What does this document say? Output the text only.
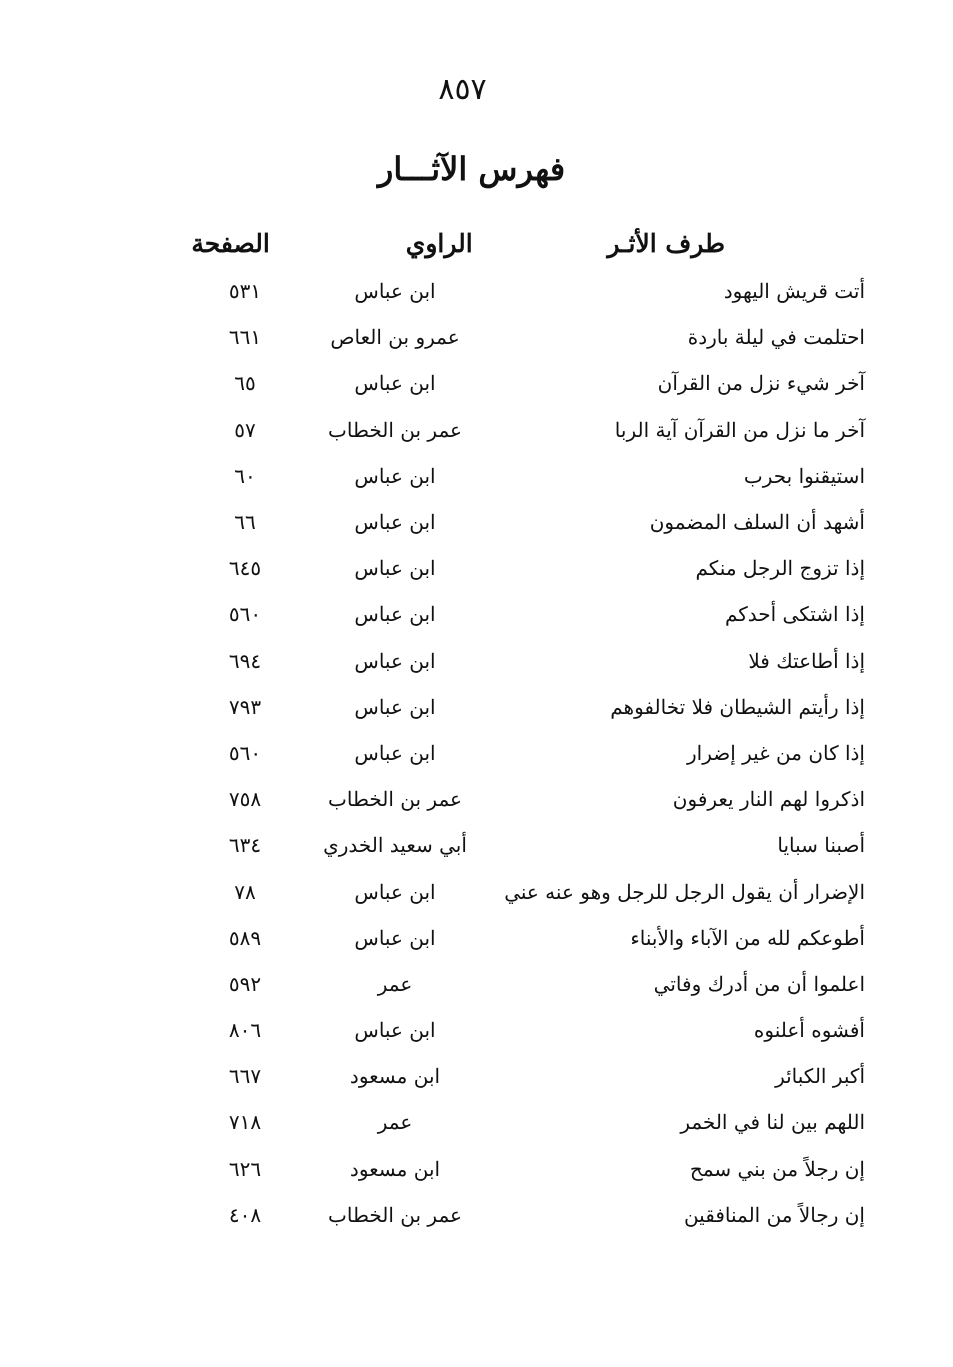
٨٥٧
فهرس الآثـــار
طرف الأثـر
الراوي
الصفحة
أتت قريش اليهود
ابن عباس
٥٣١
احتلمت في ليلة باردة
عمرو بن العاص
٦٦١
آخر شيء نزل من القرآن
ابن عباس
٦٥
آخر ما نزل من القرآن آية الربا
عمر بن الخطاب
٥٧
استيقنوا بحرب
ابن عباس
٦٠
أشهد أن السلف المضمون
ابن عباس
٦٦
إذا تزوج الرجل منكم
ابن عباس
٦٤٥
إذا اشتكى أحدكم
ابن عباس
٥٦٠
إذا أطاعتك فلا
ابن عباس
٦٩٤
إذا رأيتم الشيطان فلا تخالفوهم
ابن عباس
٧٩٣
إذا كان من غير إضرار
ابن عباس
٥٦٠
اذكروا لهم النار يعرفون
عمر بن الخطاب
٧٥٨
أصبنا سبايا
أبي سعيد الخدري
٦٣٤
الإضرار أن يقول الرجل للرجل وهو عنه عني
ابن عباس
٧٨
أطوعكم لله من الآباء والأبناء
ابن عباس
٥٨٩
اعلموا أن من أدرك وفاتي
عمر
٥٩٢
أفشوه أعلنوه
ابن عباس
٨٠٦
أكبر الكبائر
ابن مسعود
٦٦٧
اللهم بين لنا في الخمر
عمر
٧١٨
إن رجلاً من بني سمح
ابن مسعود
٦٢٦
إن رجالاً من المنافقين
عمر بن الخطاب
٤٠٨
